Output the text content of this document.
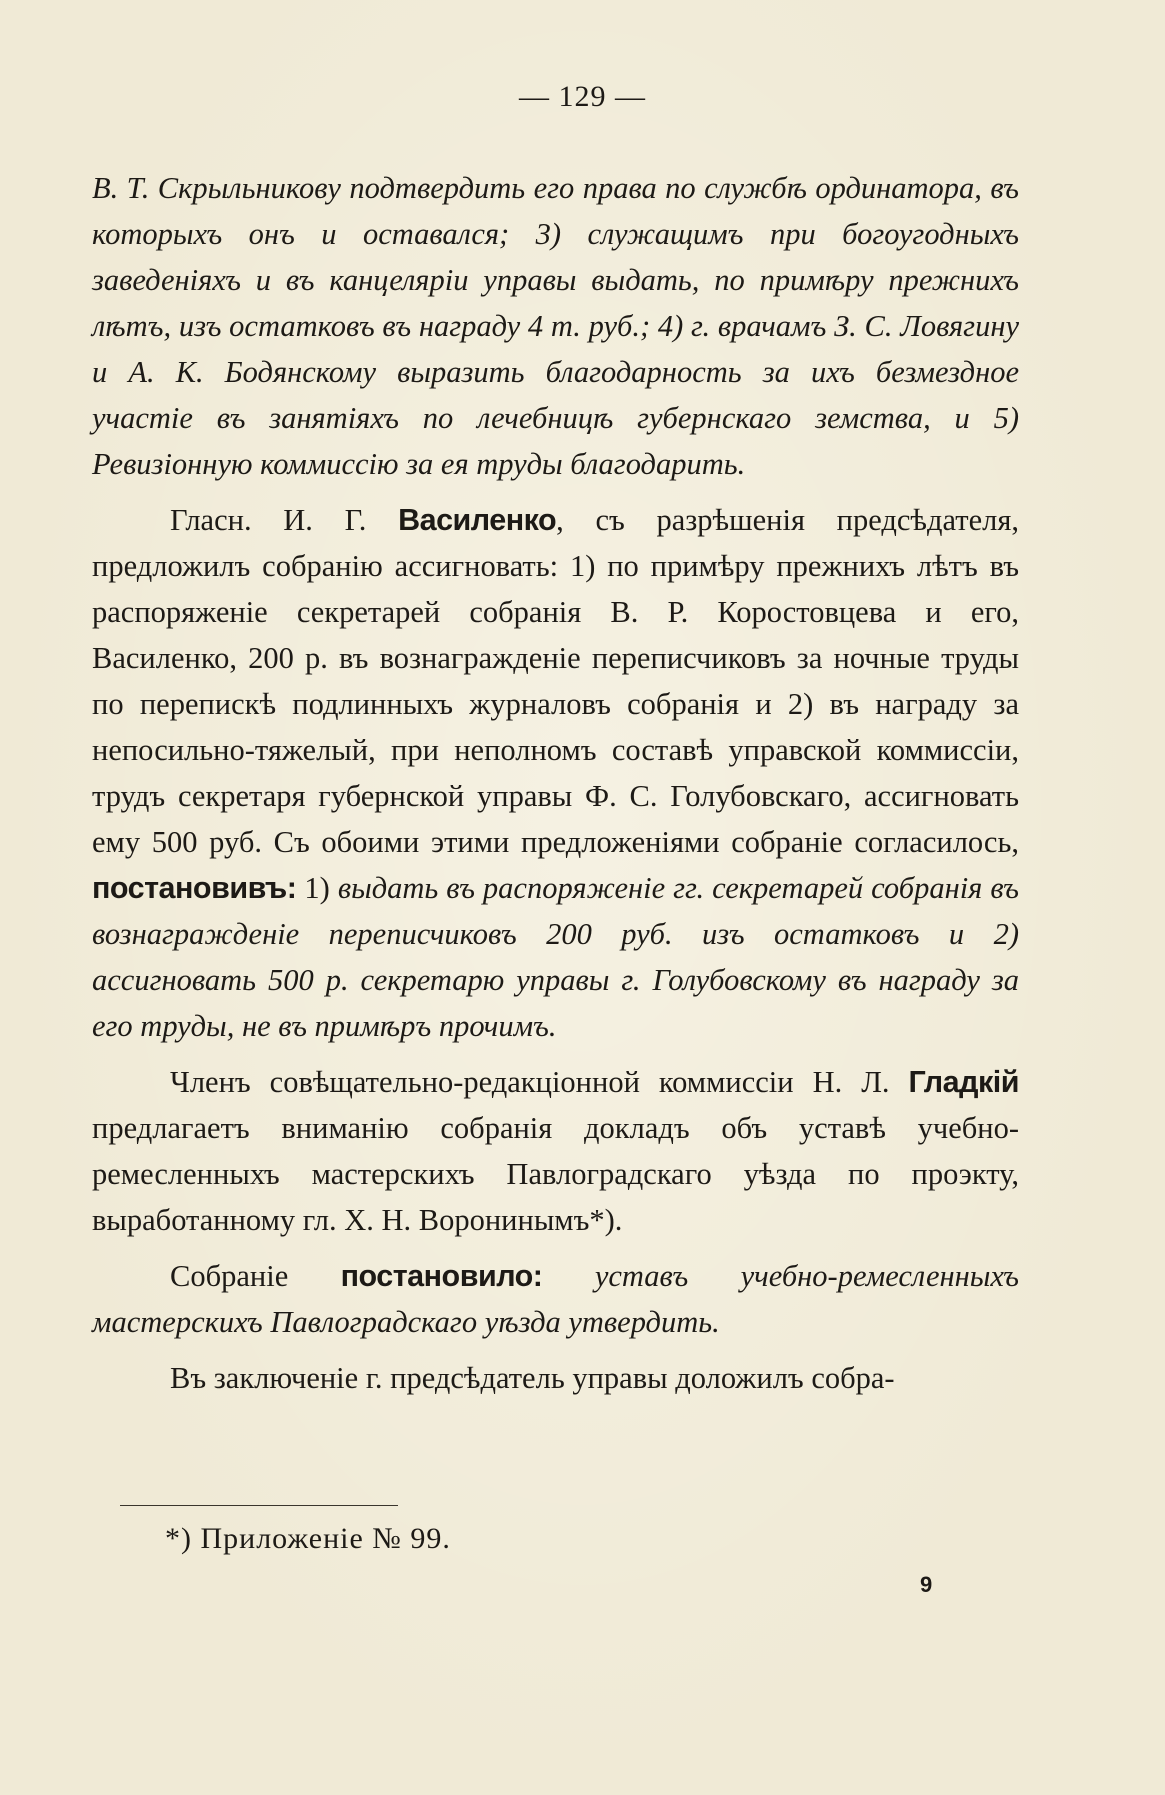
— 129 —

В. Т. Скрыльникову подтвердить его права по службѣ ординатора, въ которыхъ онъ и оставался; 3) служащимъ при богоугодныхъ заведеніяхъ и въ канцеляріи управы выдать, по примѣру прежнихъ лѣтъ, изъ остатковъ въ награду 4 т. руб.; 4) г. врачамъ З. С. Ловягину и А. К. Бодянскому выразить благодарность за ихъ безмездное участіе въ занятіяхъ по лечебницѣ губернскаго земства, и 5) Ревизіонную коммиссію за ея труды благодарить.

Гласн. И. Г. Василенко, съ разрѣшенія предсѣдателя, предложилъ собранію ассигновать: 1) по примѣру прежнихъ лѣтъ въ распоряженіе секретарей собранія В. Р. Коростовцева и его, Василенко, 200 р. въ вознагражденіе переписчиковъ за ночные труды по перепискѣ подлинныхъ журналовъ собранія и 2) въ награду за непосильно-тяжелый, при неполномъ составѣ управской коммиссіи, трудъ секретаря губернской управы Ф. С. Голубовскаго, ассигновать ему 500 руб. Съ обоими этими предложеніями собраніе согласилось, постановивъ: 1) выдать въ распоряженіе гг. секретарей собранія въ вознагражденіе переписчиковъ 200 руб. изъ остатковъ и 2) ассигновать 500 р. секретарю управы г. Голубовскому въ награду за его труды, не въ примѣръ прочимъ.

Членъ совѣщательно-редакціонной коммиссіи Н. Л. Гладкій предлагаетъ вниманію собранія докладъ объ уставѣ учебно-ремесленныхъ мастерскихъ Павлоградскаго уѣзда по проэкту, выработанному гл. Х. Н. Воронинымъ*).

Собраніе постановило: уставъ учебно-ремесленныхъ мастерскихъ Павлоградскаго уѣзда утвердить.

Въ заключеніе г. предсѣдатель управы доложилъ собра-

*) Приложеніе № 99.
9
